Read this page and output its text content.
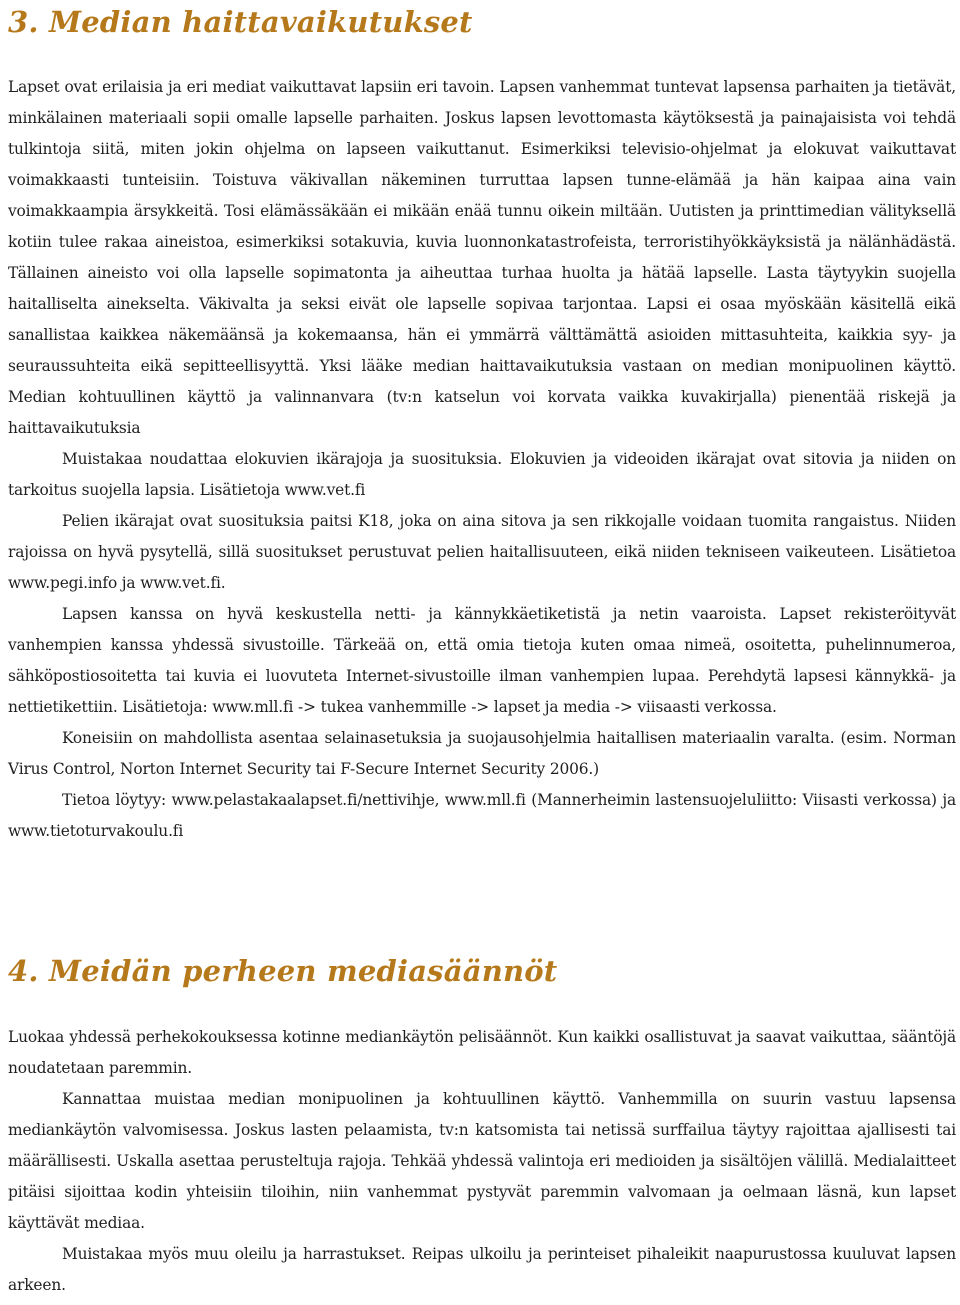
3. Median haittavaikutukset

Lapset ovat erilaisia ja eri mediat vaikuttavat lapsiin eri tavoin. Lapsen vanhemmat tuntevat lapsensa parhaiten ja tietävät, minkälainen materiaali sopii omalle lapselle parhaiten. Joskus lapsen levottomasta käytöksestä ja painajaisista voi tehdä tulkintoja siitä, miten jokin ohjelma on lapseen vaikuttanut. Esimerkiksi televisio-ohjelmat ja elokuvat vaikuttavat voimakkaasti tunteisiin. Toistuva väkivallan näkeminen turruttaa lapsen tunne-elämää ja hän kaipaa aina vain voimakkaampia ärsykkeitä. Tosi elämässäkään ei mikään enää tunnu oikein miltään. Uutisten ja printtimedian välityksellä kotiin tulee rakaa aineistoa, esimerkiksi sotakuvia, kuvia luonnonkatastrofeista, terroristihyökkäyksistä ja nälänhädästä. Tällainen aineisto voi olla lapselle sopimatonta ja aiheuttaa turhaa huolta ja hätää lapselle. Lasta täytyykin suojella haitalliselta ainekselta. Väkivalta ja seksi eivät ole lapselle sopivaa tarjontaa. Lapsi ei osaa myöskään käsitellä eikä sanallistaa kaikkea näkemäänsä ja kokemaansa, hän ei ymmärrä välttämättä asioiden mittasuhteita, kaikkia syy- ja seuraussuhteita eikä sepitteellisyyttä. Yksi lääke median haittavaikutuksia vastaan on median monipuolinen käyttö. Median kohtuullinen käyttö ja valinnanvara (tv:n katselun voi korvata vaikka kuvakirjalla) pienentää riskejä ja haittavaikutuksia

Muistakaa noudattaa elokuvien ikärajoja ja suosituksia. Elokuvien ja videoiden ikärajat ovat sitovia ja niiden on tarkoitus suojella lapsia. Lisätietoja www.vet.fi

Pelien ikärajat ovat suosituksia paitsi K18, joka on aina sitova ja sen rikkojalle voidaan tuomita rangaistus. Niiden rajoissa on hyvä pysytellä, sillä suositukset perustuvat pelien haitallisuuteen, eikä niiden tekniseen vaikeuteen. Lisätietoa www.pegi.info ja www.vet.fi.

Lapsen kanssa on hyvä keskustella netti- ja kännykkäetiketistä ja netin vaaroista. Lapset rekisteröityvät vanhempien kanssa yhdessä sivustoille. Tärkeää on, että omia tietoja kuten omaa nimeä, osoitetta, puhelinnumeroa, sähköpostiosoitetta tai kuvia ei luovuteta Internet-sivustoille ilman vanhempien lupaa. Perehdytä lapsesi kännykkä- ja nettietikettiin. Lisätietoja: www.mll.fi -> tukea vanhemmille -> lapset ja media -> viisaasti verkossa.

Koneisiin on mahdollista asentaa selainasetuksia ja suojausohjelmia haitallisen materiaalin varalta. (esim. Norman Virus Control, Norton Internet Security tai F-Secure Internet Security 2006.)

Tietoa löytyy: www.pelastakaalapset.fi/nettivihje, www.mll.fi (Mannerheimin lastensuojeluliitto: Viisasti verkossa) ja www.tietoturvakoulu.fi

4. Meidän perheen mediasäännöt

Luokaa yhdessä perhekokouksessa kotinne mediankäytön pelisäännöt. Kun kaikki osallistuvat ja saavat vaikuttaa, sääntöjä noudatetaan paremmin.

Kannattaa muistaa median monipuolinen ja kohtuullinen käyttö. Vanhemmilla on suurin vastuu lapsensa mediankäytön valvomisessa. Joskus lasten pelaamista, tv:n katsomista tai netissä surffailua täytyy rajoittaa ajallisesti tai määrällisesti. Uskalla asettaa perusteltuja rajoja. Tehkää yhdessä valintoja eri medioiden ja sisältöjen välillä. Medialaitteet pitäisi sijoittaa kodin yhteisiin tiloihin, niin vanhemmat pystyvät paremmin valvomaan ja oelmaan läsnä, kun lapset käyttävät mediaa.

Muistakaa myös muu oleilu ja harrastukset. Reipas ulkoilu ja perinteiset pihaleikit naapurustossa kuuluvat lapsen arkeen.
